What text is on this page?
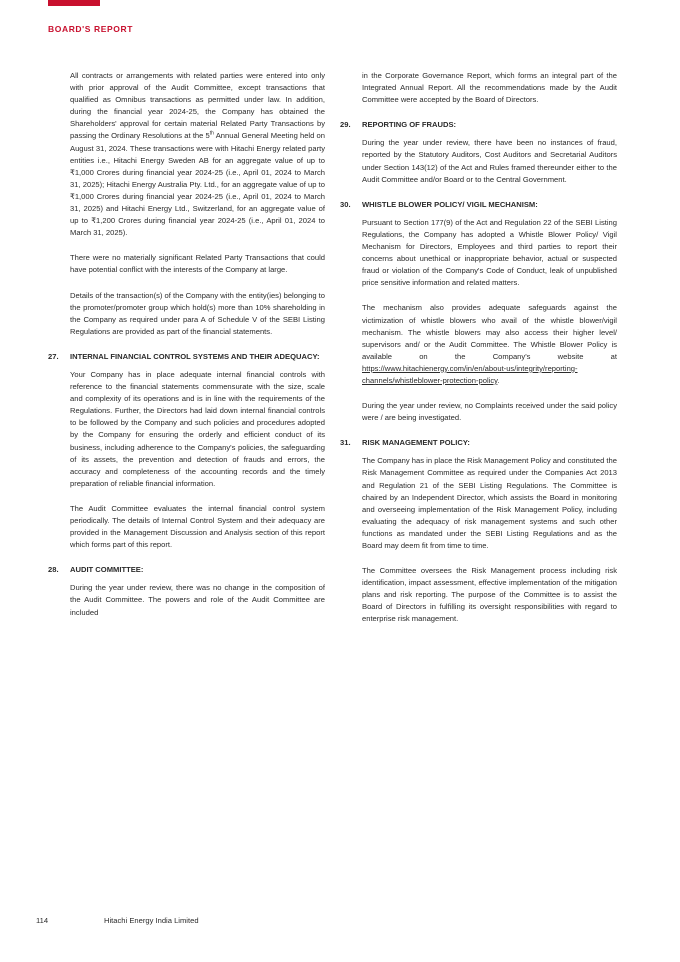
BOARD'S REPORT

All contracts or arrangements with related parties were entered into only with prior approval of the Audit Committee, except transactions that qualified as Omnibus transactions as permitted under law. In addition, during the financial year 2024-25, the Company has obtained the Shareholders' approval for certain material Related Party Transactions by passing the Ordinary Resolutions at the 5th Annual General Meeting held on August 31, 2024. These transactions were with Hitachi Energy related party entities i.e., Hitachi Energy Sweden AB for an aggregate value of up to ₹1,000 Crores during financial year 2024-25 (i.e., April 01, 2024 to March 31, 2025); Hitachi Energy Australia Pty. Ltd., for an aggregate value of up to ₹1,000 Crores during financial year 2024-25 (i.e., April 01, 2024 to March 31, 2025) and Hitachi Energy Ltd., Switzerland, for an aggregate value of up to ₹1,200 Crores during financial year 2024-25 (i.e., April 01, 2024 to March 31, 2025).

There were no materially significant Related Party Transactions that could have potential conflict with the interests of the Company at large.

Details of the transaction(s) of the Company with the entity(ies) belonging to the promoter/promoter group which hold(s) more than 10% shareholding in the Company as required under para A of Schedule V of the SEBI Listing Regulations are provided as part of the financial statements.

27. INTERNAL FINANCIAL CONTROL SYSTEMS AND THEIR ADEQUACY:

Your Company has in place adequate internal financial controls with reference to the financial statements commensurate with the size, scale and complexity of its operations and is in line with the requirements of the Regulations. Further, the Directors had laid down internal financial controls to be followed by the Company and such policies and procedures adopted by the Company for ensuring the orderly and efficient conduct of its business, including adherence to the Company's policies, the safeguarding of its assets, the prevention and detection of frauds and errors, the accuracy and completeness of the accounting records and the timely preparation of reliable financial information.

The Audit Committee evaluates the internal financial control system periodically. The details of Internal Control System and their adequacy are provided in the Management Discussion and Analysis section of this report which forms part of this report.

28. AUDIT COMMITTEE:

During the year under review, there was no change in the composition of the Audit Committee. The powers and role of the Audit Committee are included

in the Corporate Governance Report, which forms an integral part of the Integrated Annual Report. All the recommendations made by the Audit Committee were accepted by the Board of Directors.

29. REPORTING OF FRAUDS:

During the year under review, there have been no instances of fraud, reported by the Statutory Auditors, Cost Auditors and Secretarial Auditors under Section 143(12) of the Act and Rules framed thereunder either to the Audit Committee and/or Board or to the Central Government.

30. WHISTLE BLOWER POLICY/ VIGIL MECHANISM:

Pursuant to Section 177(9) of the Act and Regulation 22 of the SEBI Listing Regulations, the Company has adopted a Whistle Blower Policy/ Vigil Mechanism for Directors, Employees and third parties to report their concerns about unethical or inappropriate behavior, actual or suspected fraud or violation of the Company's Code of Conduct, leak of unpublished price sensitive information and related matters.

The mechanism also provides adequate safeguards against the victimization of whistle blowers who avail of the whistle blower/vigil mechanism. The whistle blowers may also access their higher level/ supervisors and/ or the Audit Committee. The Whistle Blower Policy is available on the Company's website at https://www.hitachienergy.com/in/en/about-us/integrity/reporting-channels/whistleblower-protection-policy.

During the year under review, no Complaints received under the said policy were / are being investigated.

31. RISK MANAGEMENT POLICY:

The Company has in place the Risk Management Policy and constituted the Risk Management Committee as required under the Companies Act 2013 and Regulation 21 of the SEBI Listing Regulations. The Committee is chaired by an Independent Director, which assists the Board in monitoring and overseeing implementation of the Risk Management Policy, including evaluating the adequacy of risk management systems and such other functions as mandated under the SEBI Listing Regulations and as the Board may deem fit from time to time.

The Committee oversees the Risk Management process including risk identification, impact assessment, effective implementation of the mitigation plans and risk reporting. The purpose of the Committee is to assist the Board of Directors in fulfilling its oversight responsibilities with regard to enterprise risk management.

114	Hitachi Energy India Limited
